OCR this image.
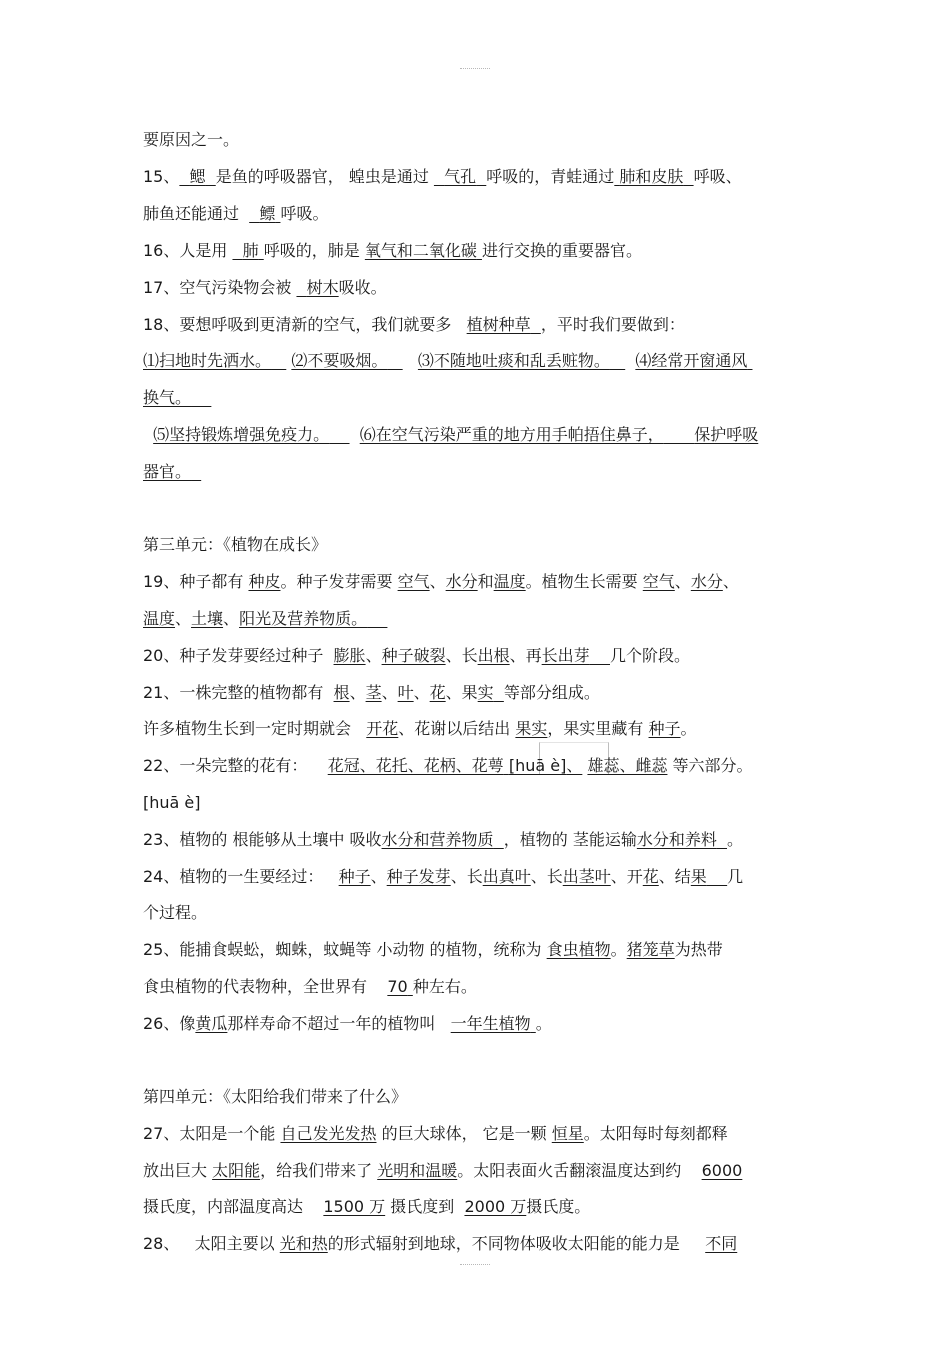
要原因之一。
15、 鳃 是鱼的呼吸器官， 蝗虫是通过 气孔 呼吸的，青蛙通过 肺和皮肤 呼吸、
肺鱼还能通过 鳔 呼吸。
16、人是用 肺 呼吸的，肺是 氧气和二氧化碳 进行交换的重要器官。
17、空气污染物会被 树木吸收。
18、要想呼吸到更清新的空气，我们就要多 植树种草 ，平时我们要做到：
⑴扫地时先洒水。 ⑵不要吸烟。 ⑶不随地吐痰和乱丢赃物。 ⑷经常开窗通风
换气。
⑸坚持锻炼增强免疫力。 ⑹在空气污染严重的地方用手帕捂住鼻子， 保护呼吸
器官。
第三单元：《植物在成长》
19、种子都有 种皮。种子发芽需要 空气、水分和温度。植物生长需要 空气、水分、
温度、土壤、阳光及营养物质。
20、种子发芽要经过种子 膨胀、种子破裂、长出根、再长出芽 几个阶段。
21、一株完整的植物都有 根、茎、叶、花、果实 等部分组成。
许多植物生长到一定时期就会 开花、花谢以后结出 果实，果实里藏有 种子。
22、一朵完整的花有： 花冠、花托、花柄、花萼 [huā è]、 雄蕊、雌蕊 等六部分。
[huā è]
23、植物的 根能够从土壤中 吸收水分和营养物质 ，植物的 茎能运输水分和养料 。
24、植物的一生要经过： 种子、种子发芽、长出真叶、长出茎叶、开花、结果 几
个过程。
25、能捕食蜈蚣，蜘蛛，蚊蝇等 小动物 的植物，统称为 食虫植物。猪笼草为热带
食虫植物的代表物种，全世界有 70 种左右。
26、像黄瓜那样寿命不超过一年的植物叫 一年生植物 。
第四单元：《太阳给我们带来了什么》
27、太阳是一个能 自己发光发热 的巨大球体， 它是一颗 恒星。太阳每时每刻都释
放出巨大 太阳能，给我们带来了 光明和温暖。太阳表面火舌翻滚温度达到约 6000
摄氏度，内部温度高达 1500 万 摄氏度到 2000 万摄氏度。
28、 太阳主要以 光和热的形式辐射到地球，不同物体吸收太阳能的能力是 不同
